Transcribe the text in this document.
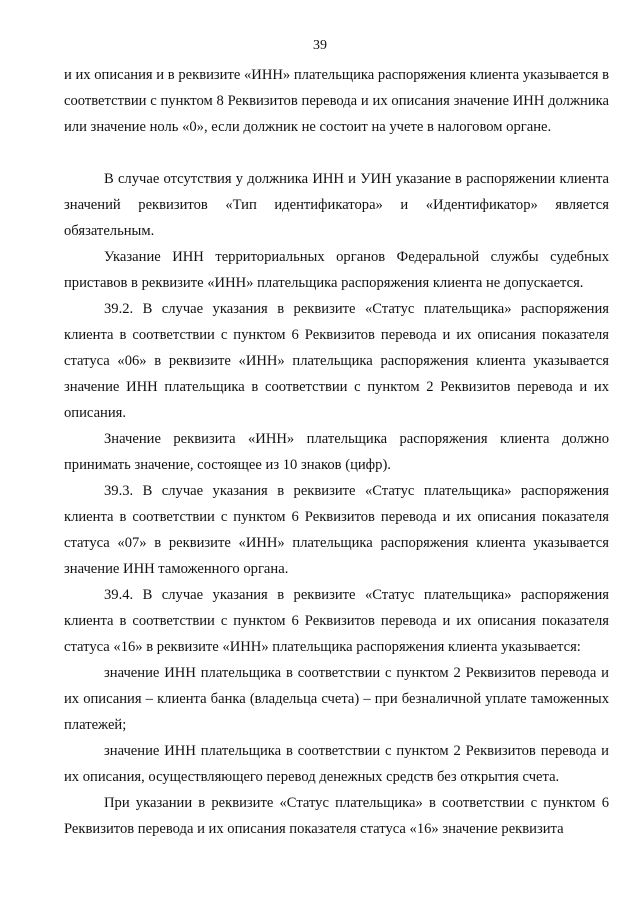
39

и их описания и в реквизите «ИНН» плательщика распоряжения клиента указывается в соответствии с пунктом 8 Реквизитов перевода и их описания значение ИНН должника или значение ноль «0», если должник не состоит на учете в налоговом органе.

В случае отсутствия у должника ИНН и УИН указание в распоряжении клиента значений реквизитов «Тип идентификатора» и «Идентификатор» является обязательным.

Указание ИНН территориальных органов Федеральной службы судебных приставов в реквизите «ИНН» плательщика распоряжения клиента не допускается.

39.2. В случае указания в реквизите «Статус плательщика» распоряжения клиента в соответствии с пунктом 6 Реквизитов перевода и их описания показателя статуса «06» в реквизите «ИНН» плательщика распоряжения клиента указывается значение ИНН плательщика в соответствии с пунктом 2 Реквизитов перевода и их описания.

Значение реквизита «ИНН» плательщика распоряжения клиента должно принимать значение, состоящее из 10 знаков (цифр).

39.3. В случае указания в реквизите «Статус плательщика» распоряжения клиента в соответствии с пунктом 6 Реквизитов перевода и их описания показателя статуса «07» в реквизите «ИНН» плательщика распоряжения клиента указывается значение ИНН таможенного органа.

39.4. В случае указания в реквизите «Статус плательщика» распоряжения клиента в соответствии с пунктом 6 Реквизитов перевода и их описания показателя статуса «16» в реквизите «ИНН» плательщика распоряжения клиента указывается:

значение ИНН плательщика в соответствии с пунктом 2 Реквизитов перевода и их описания – клиента банка (владельца счета) – при безналичной уплате таможенных платежей;

значение ИНН плательщика в соответствии с пунктом 2 Реквизитов перевода и их описания, осуществляющего перевод денежных средств без открытия счета.

При указании в реквизите «Статус плательщика» в соответствии с пунктом 6 Реквизитов перевода и их описания показателя статуса «16» значение реквизита
